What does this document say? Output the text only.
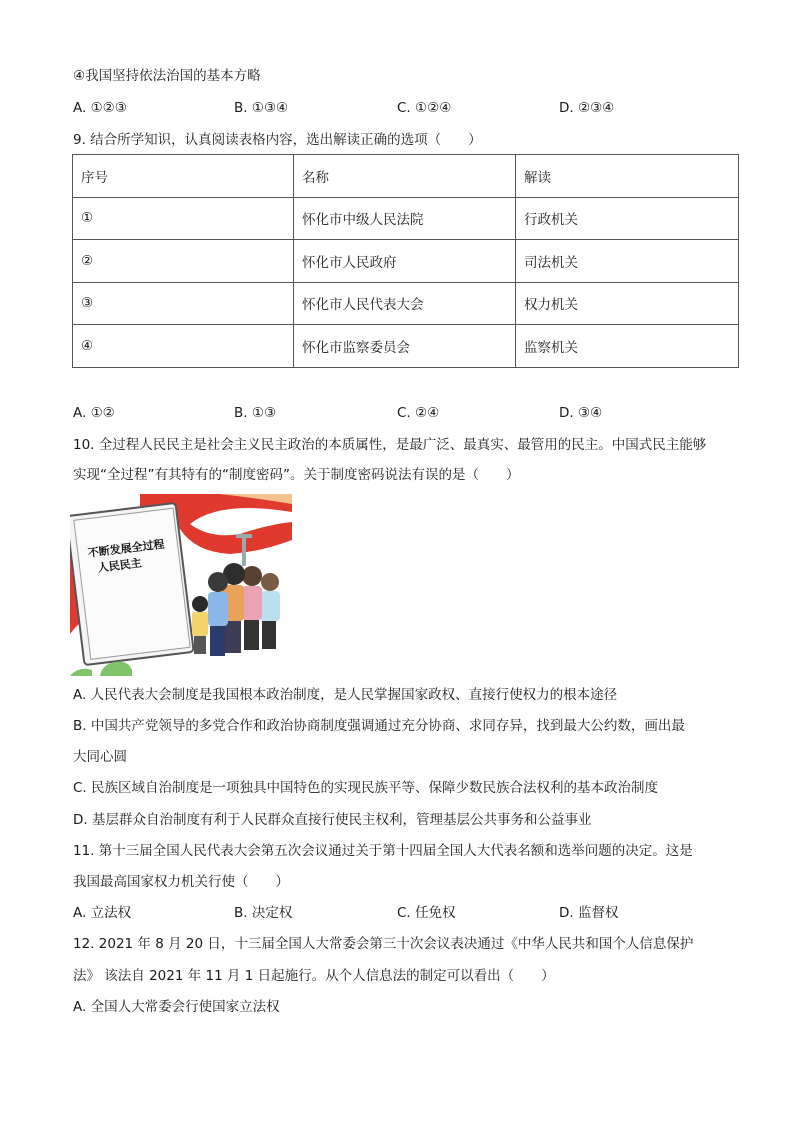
④我国坚持依法治国的基本方略
A. ①②③	B. ①③④	C. ①②④	D. ②③④
9. 结合所学知识，认真阅读表格内容，选出解读正确的选项（　　）
序号	名称	解读
①	怀化市中级人民法院	行政机关
②	怀化市人民政府	司法机关
③	怀化市人民代表大会	权力机关
④	怀化市监察委员会	监察机关
A. ①②	B. ①③	C. ②④	D. ③④
10. 全过程人民民主是社会主义民主政治的本质属性，是最广泛、最真实、最管用的民主。中国式民主能够
实现“全过程”有其特有的“制度密码”。关于制度密码说法有误的是（　　）
不断发展全过程
人民民主
A. 人民代表大会制度是我国根本政治制度，是人民掌握国家政权、直接行使权力的根本途径
B. 中国共产党领导的多党合作和政治协商制度强调通过充分协商、求同存异，找到最大公约数，画出最
大同心圆
C. 民族区域自治制度是一项独具中国特色的实现民族平等、保障少数民族合法权利的基本政治制度
D. 基层群众自治制度有利于人民群众直接行使民主权利，管理基层公共事务和公益事业
11. 第十三届全国人民代表大会第五次会议通过关于第十四届全国人大代表名额和选举问题的决定。这是
我国最高国家权力机关行使（　　）
A. 立法权	B. 决定权	C. 任免权	D. 监督权
12. 2021 年 8 月 20 日，十三届全国人大常委会第三十次会议表决通过《中华人民共和国个人信息保护
法》 该法自 2021 年 11 月 1 日起施行。从个人信息法的制定可以看出（　　）
A. 全国人大常委会行使国家立法权
